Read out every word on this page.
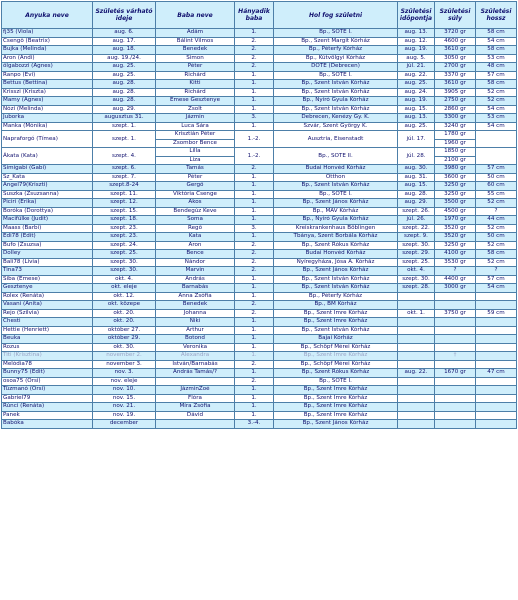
Anyuka neve	Születés várható ideje	Baba neve	Hányadik baba	Hol fog születni	Születési időpontja	Születési súly	Születési hossz
fj35 (Viola)	aug. 6.	Ádám	1.	Bp., SOTE I.	aug. 13.	3720 gr	58 cm
Csengő (Beatrix)	aug. 17.	Bálint Vilmos	2.	Bp., Szent Margit Kórház	aug. 12.	4600 gr	54 cm
Bujka (Melinda)	aug. 18.	Benedek	2.	Bp., Péterfy Kórház	aug. 19.	3610 gr	58 cm
Áron (Andi)	aug. 19./24.	Simon	2.	Bp., Kútvölgyi Kórház	aug. 5.	3050 gr	53 cm
őlgabozzi (Ágnes)	aug. 25.	Péter	2.	DOTE (Debrecen)	júl. 21.	2700 gr	48 cm
Ranpo (Évi)	aug. 25.	Richárd	1.	Bp., SOTE I.	aug. 22.	3370 gr	57 cm
Bettus (Bettina)	aug. 28.	Kitti	1.	Bp., Szent István Kórház	aug. 25.	3610 gr	58 cm
Krisszi (Kriszta)	aug. 28.	Richárd	1.	Bp., Szent István Kórház	aug. 24.	3905 gr	52 cm
Mamy (Ágnes)	aug. 28.	Emese Gesztenye	1.	Bp., Nyíró Gyula Kórház	aug. 19.	2750 gr	52 cm
Nózi (Melinda)	aug. 29.	Zsolt	1.	Bp., Szent István Kórház	aug. 15.	2860 gr	54 cm
Juborka	augusztus 31.	Jázmin	3.	Debrecen, Kenézy Gy. K.	aug. 13.	3300 gr	53 cm
Manka (Mónika)	szept. 1.	Luca Sára	1.	Szvár, Szent György K.	aug. 25.	3240 gr	54 cm
Napraforgó (Tímea)	szept. 1.	Krisztián Péter	1.-2.	Ausztria, Eisenstadt	júl. 17.	1780 gr	
		Zsombor Bence				1960 gr	
Ákata (Kata)	szept. 4.	Lilla	1.-2.	Bp., SOTE II.	júl. 28.	1850 gr	
		Liza				2100 gr	
Simigabi (Gabi)	szept. 6.	Tamás	2.	Budai Honvéd Kórház	aug. 30.	3980 gr	57 cm
Sz_Kata	szept. 7.	Péter	1.	Otthon	aug. 31.	3600 gr	50 cm
Angel79(Kriszti)	szept.8-24	Gergő	1.	Bp., Szent István Kórház	aug. 15.	3250 gr	60 cm
Suszka (Zsuzsanna)	szept. 11.	Viktória Csenge	1.	Bp., SOTE I.	aug. 28.	3250 gr	55 cm
Piciri (Erika)	szept. 12.	Ákos	1.	Bp., Szent János Kórház	aug. 29.	3500 gr	52 cm
Boróka (Dorottya)	szept. 15.	Bendegúz Keve	1.	Bp., MÁV Kórház	szept. 26.	4500 gr	?
Macifülke (Judit)	szept. 18.	Soma	1.	Bp., Nyíró Gyula Kórház	júl. 26.	1970 gr	44 cm
Maass (Barbi)	szept. 23.	Regő	3.	Kreiskrankenhaus Böblingen	szept. 22.	3520 gr	52 cm
Edi78 (Edit)	szept. 23.	Kata	1.	Tbánya, Szent Borbála Kórház	szept. 9.	3520 gr	50 cm
Bufo (Zsuzsa)	szept. 24.	Áron	2.	Bp., Szent Rókus Kórház	szept. 30.	3250 gr	52 cm
Dolley	szept. 25.	Bence	2.	Budai Honvéd Kórház	szept. 29.	4100 gr	58 cm
Bali78 (Lívia)	szept. 30.	Nándor	2.	Nyíregyháza, Jósa A. Kórház	szept. 25.	3530 gr	52 cm
Tina73	szept. 30.	Marvin	2.	Bp., Szent János Kórház	okt. 4.	?	?
Siba (Emese)	okt. 4.	András	1.	Bp., Szent István Kórház	szept. 30.	4400 gr	57 cm
Gesztenye	okt. eleje	Barnabás	1.	Bp., Szent István Kórház	szept. 28.	3000 gr	54 cm
Rolex (Renáta)	okt. 12.	Anna Zsófia	1.	Bp., Péterfy Kórház			
Vasani (Anita)	okt. közepe	Benedek	2.	Bp., BM Kórház			
Rejo (Szilvia)	okt. 20.	Johanna	2.	Bp., Szent Imre Kórház	okt. 1.	3750 gr	59 cm
Chesti	okt. 20.	Niki	1.	Bp., Szent Imre Kórház			
Hettie (Henriett)	október 27.	Arthur	1.	Bp., Szent István Kórház			
Beuka	október 29.	Botond	1.	Bajai Kórház			
Rozus	okt. 30.	Veronika	1.	Bp., Schöpf Mérei Kórház			
Titi (Krisztina)	november 2.	Alexandra	1.	Bp., Szent Imre Kórház		†	
Melódia78	november 3.	István/Barnabás	2.	Bp., Schöpf Mérei Kórház			
Bunny75 (Edit)	nov. 3.	András Tamás/?	1.	Bp., Szent Rókus Kórház	aug. 22.	1670 gr	47 cm
osoa75 (Orsi)	nov. eleje		2.	Bp., SOTE I.			
Tüzmanó (Orsi)	nov. 10.	JázminZoé	1.	Bp., Szent Imre Kórház			
Gabriel79	nov. 15.	Flóra	1.	Bp., Szent Imre Kórház			
Rúnci (Renáta)	nov. 21.	Míra Zsófia	1.	Bp., Szent Imre Kórház			
Panek	nov. 19.	Dávid	1.	Bp., Szent Imre Kórház			
Babóka	december		3.-4.	Bp., Szent János Kórház			
